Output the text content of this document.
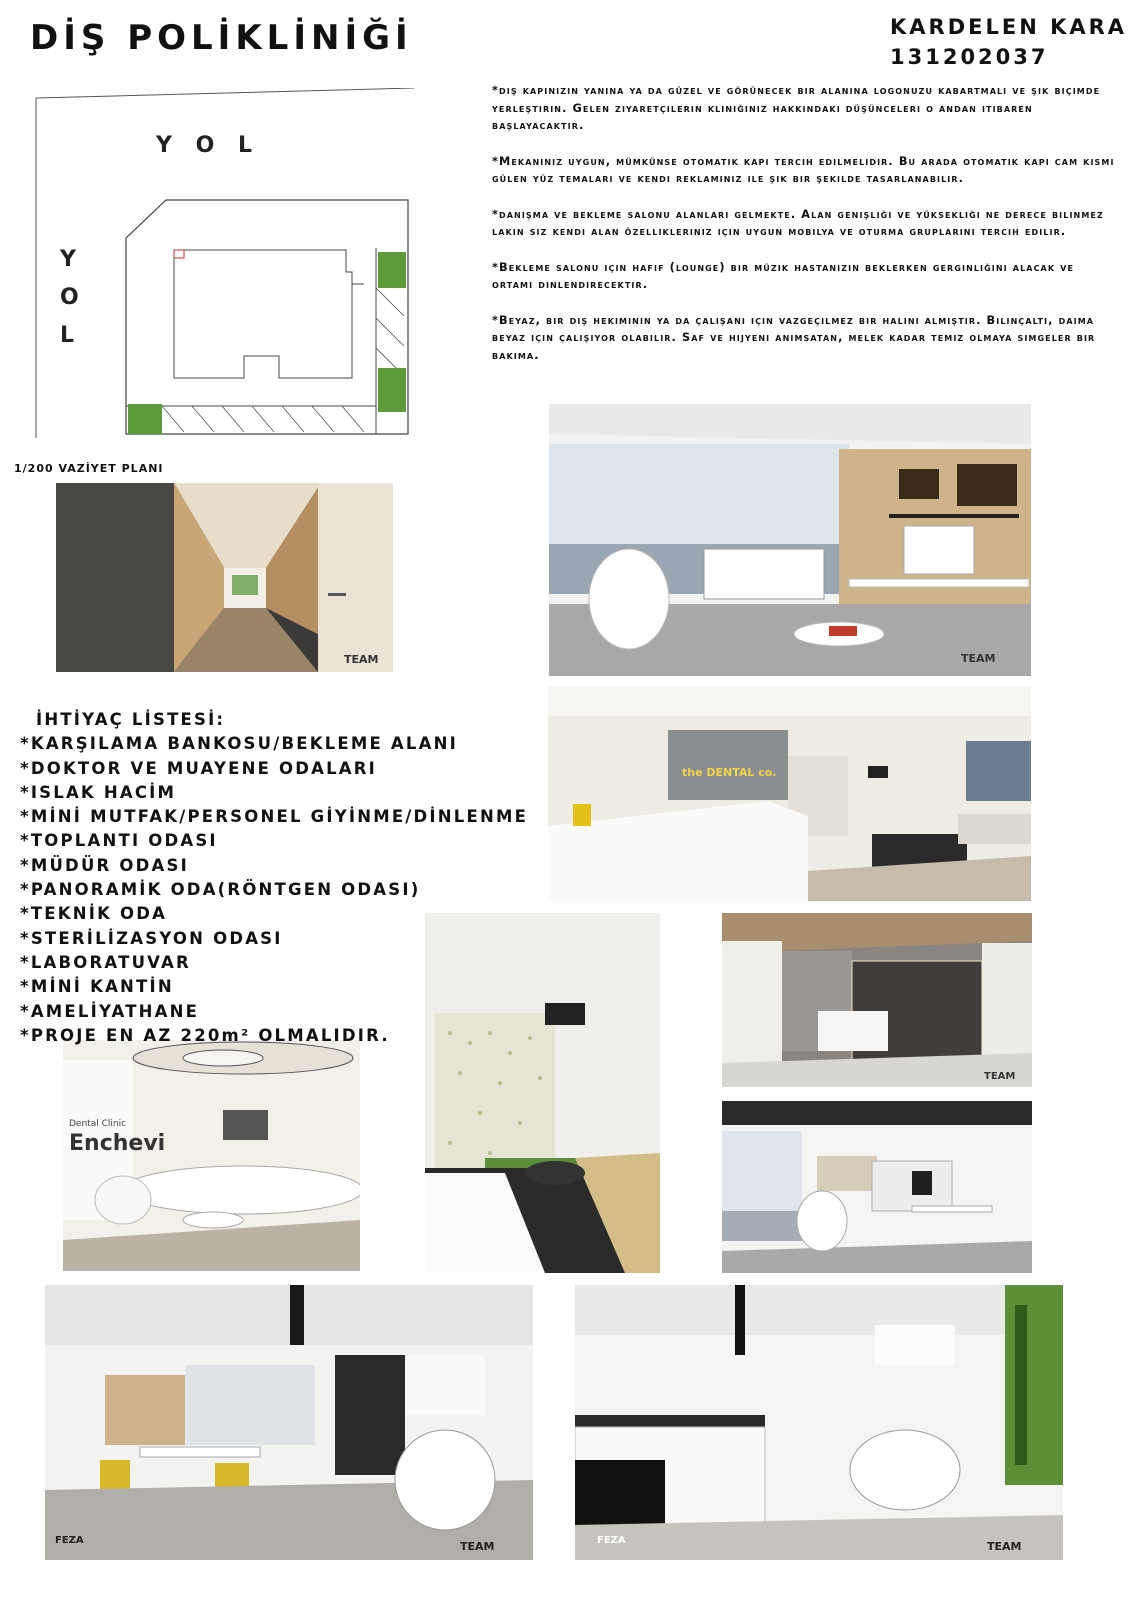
DİŞ POLİKLİNİĞİ	KARDELEN KARA
131202037

*dış kapınızın yanına ya da güzel ve görünecek bir alanına logonuzu kabartmalı ve şık biçimde yerleştirin. Gelen ziyaretçilerin kliniğiniz hakkındaki düşünceleri o andan itibaren başlayacaktır.

*Mekanınız uygun, mümkünse otomatik kapı tercih edilmelidir. Bu arada otomatik kapı cam kısmı gülen yüz temaları ve kendi reklamınız ile şık bir şekilde tasarlanabilir.

*danışma ve bekleme salonu alanları gelmekte. Alan genişliği ve yüksekliği ne derece bilinmez lakın siz kendi alan özellikleriniz için uygun mobilya ve oturma gruplarını tercih edilir.

*Bekleme salonu için hafif (lounge) bir müzik hastanızın beklerken gerginliğini alacak ve ortamı dinlendirecektir.

*Beyaz, bir diş hekiminin ya da çalışanı için vazgeçilmez bir halını almıştır. Bilinçaltı, daima beyaz için çalışıyor olabilir. Saf ve hijyeni anımsatan, melek kadar temiz olmaya simgeler bir bakıma.

Y O L
Y
O
L
1/200 VAZİYET PLANI
TEAM	TEAM
the DENTAL co.
TEAM
Dental Clinic
Enchevi
FEZA	TEAM	FEZA	TEAM
İHTİYAÇ LİSTESİ:
*KARŞILAMA BANKOSU/BEKLEME ALANI
*DOKTOR VE MUAYENE ODALARI
*ISLAK HACİM
*MİNİ MUTFAK/PERSONEL GİYİNME/DİNLENME
*TOPLANTI ODASI
*MÜDÜR ODASI
*PANORAMİK ODA(RÖNTGEN ODASI)
*TEKNİK ODA
*STERİLİZASYON ODASI
*LABORATUVAR
*MİNİ KANTİN
*AMELİYATHANE
*PROJE EN AZ 220m² OLMALIDIR.
